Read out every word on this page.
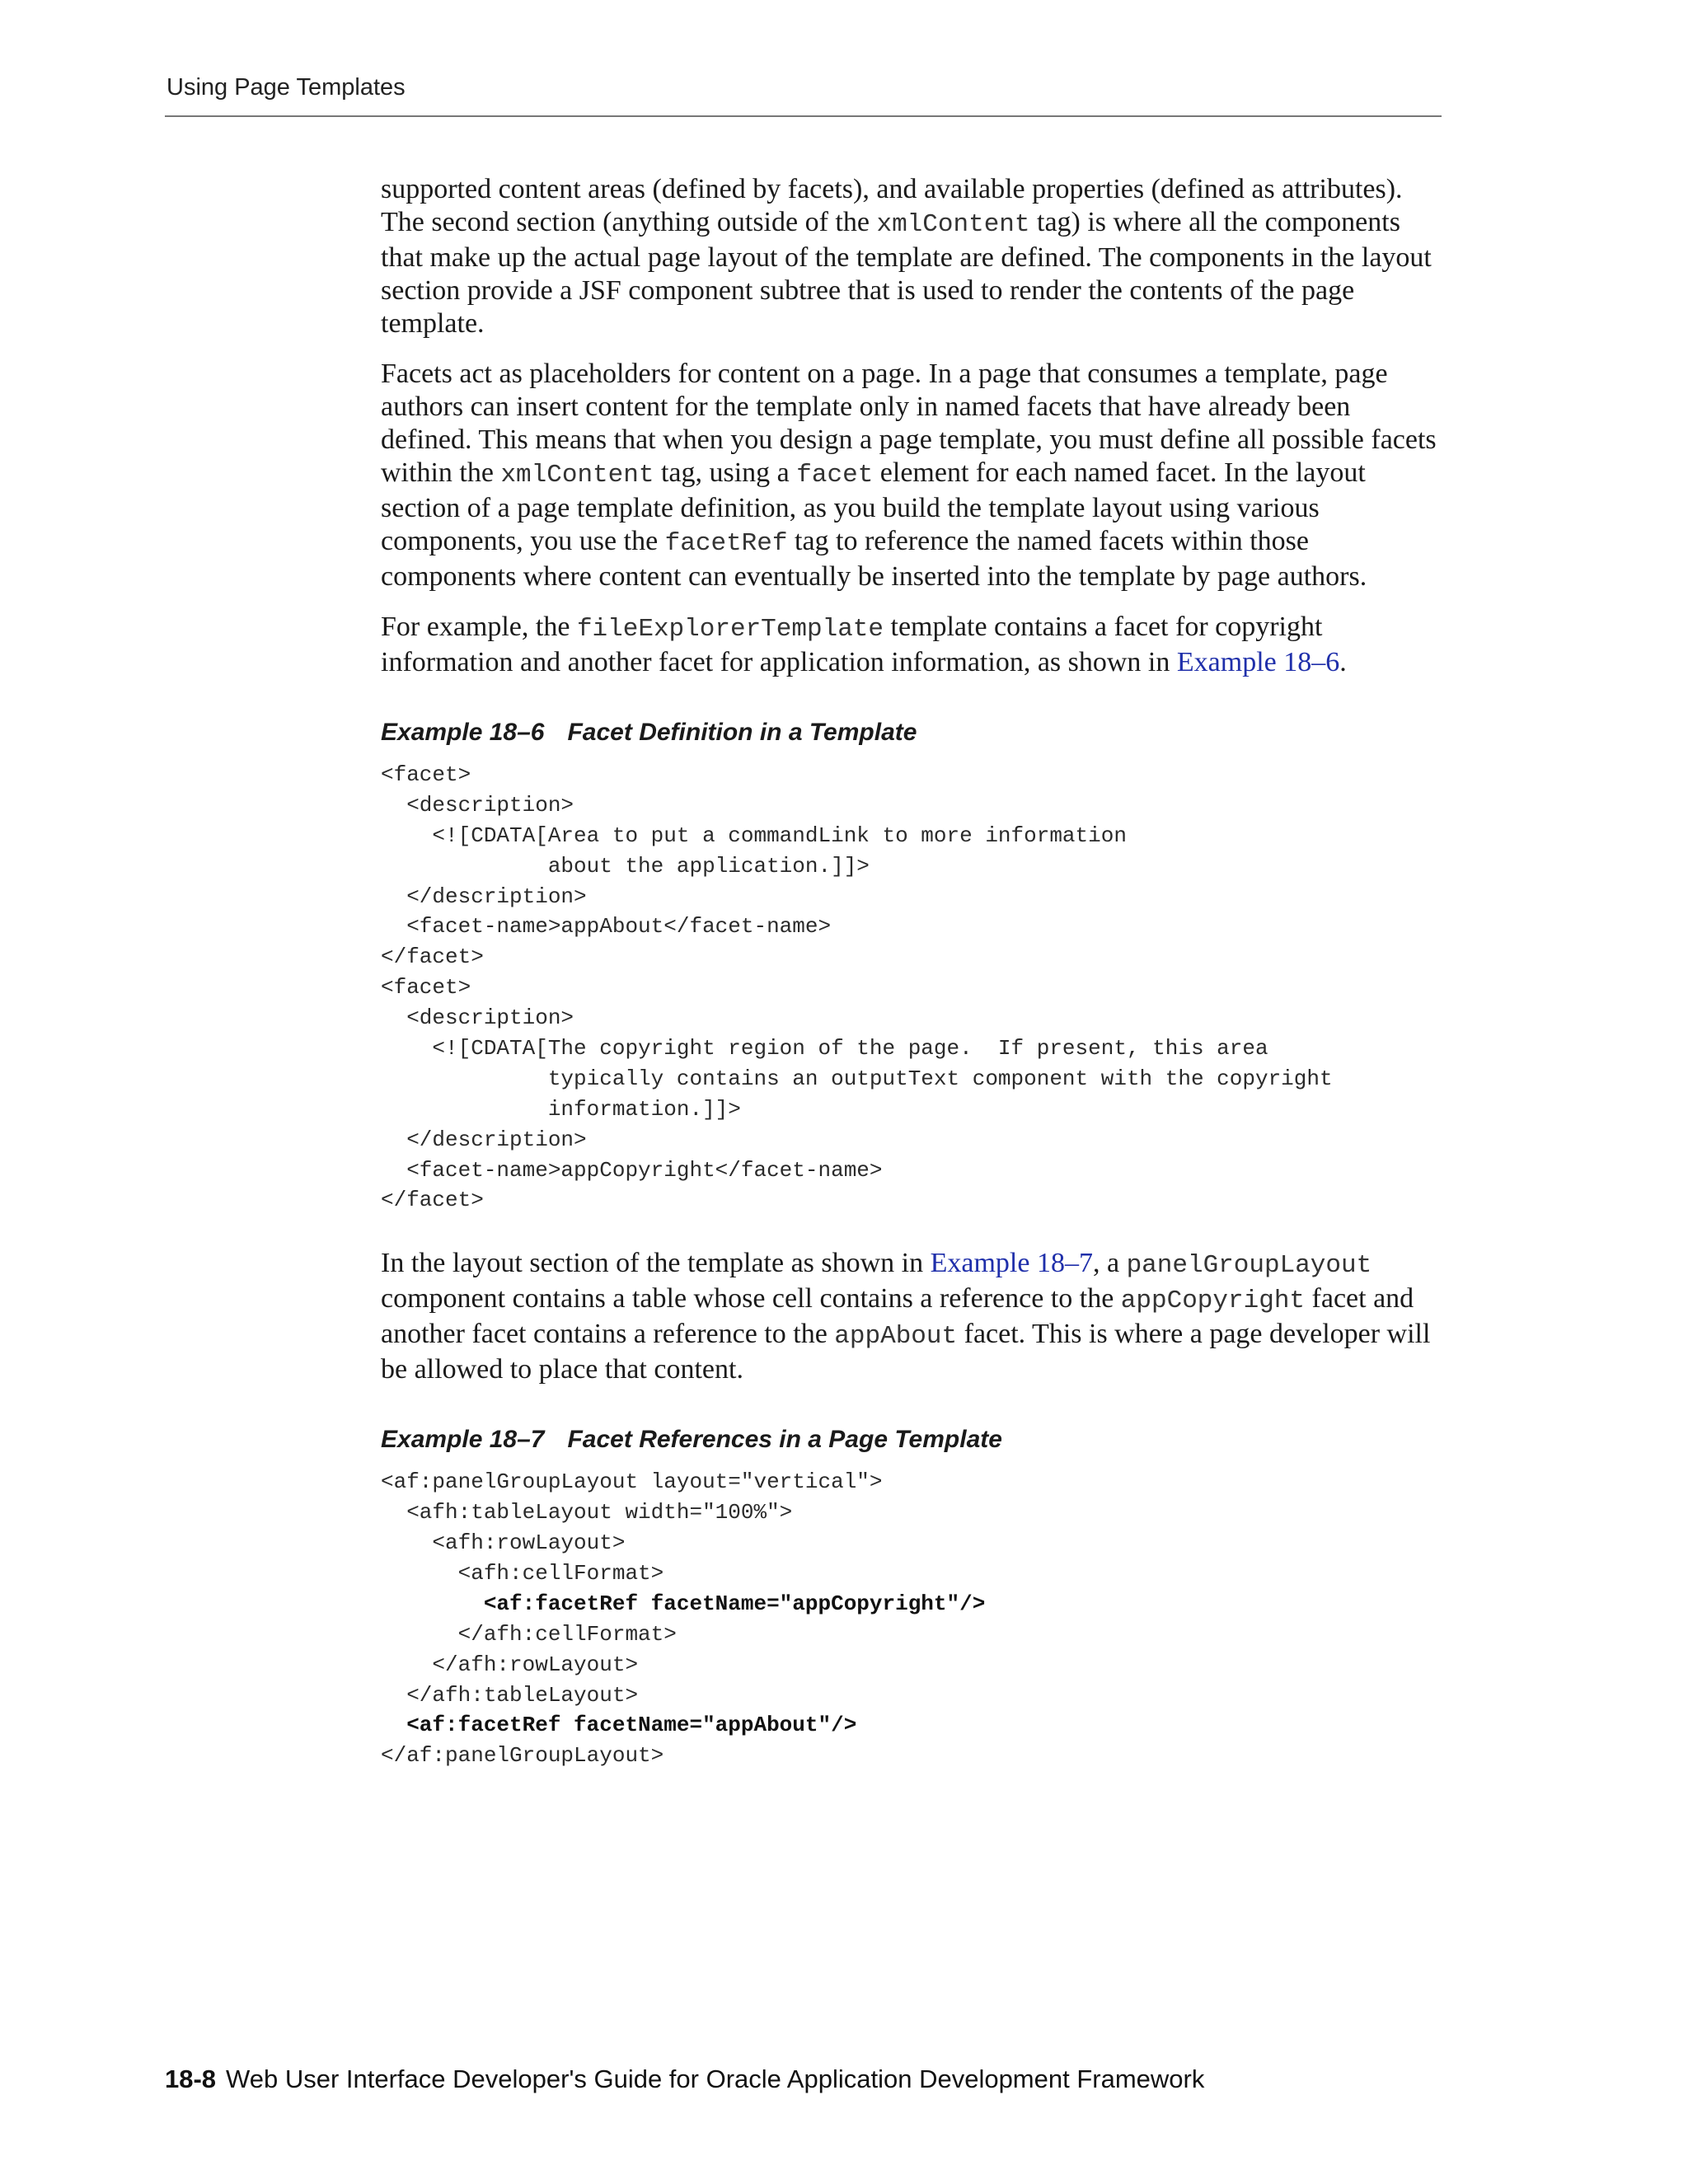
Using Page Templates

supported content areas (defined by facets), and available properties (defined as attributes). The second section (anything outside of the xmlContent tag) is where all the components that make up the actual page layout of the template are defined. The components in the layout section provide a JSF component subtree that is used to render the contents of the page template.

Facets act as placeholders for content on a page. In a page that consumes a template, page authors can insert content for the template only in named facets that have already been defined. This means that when you design a page template, you must define all possible facets within the xmlContent tag, using a facet element for each named facet. In the layout section of a page template definition, as you build the template layout using various components, you use the facetRef tag to reference the named facets within those components where content can eventually be inserted into the template by page authors.

For example, the fileExplorerTemplate template contains a facet for copyright information and another facet for application information, as shown in Example 18–6.

Example 18–6 Facet Definition in a Template
<facet>
<description>
<![CDATA[Area to put a commandLink to more information
about the application.]]>
</description>
<facet-name>appAbout</facet-name>
</facet>
<facet>
<description>
<![CDATA[The copyright region of the page.  If present, this area
typically contains an outputText component with the copyright
information.]]>
</description>
<facet-name>appCopyright</facet-name>
</facet>

In the layout section of the template as shown in Example 18–7, a panelGroupLayout component contains a table whose cell contains a reference to the appCopyright facet and another facet contains a reference to the appAbout facet. This is where a page developer will be allowed to place that content.

Example 18–7 Facet References in a Page Template
<af:panelGroupLayout layout="vertical">
<afh:tableLayout width="100%">
<afh:rowLayout>
<afh:cellFormat>
<af:facetRef facetName="appCopyright"/>
</afh:cellFormat>
</afh:rowLayout>
</afh:tableLayout>
<af:facetRef facetName="appAbout"/>
</af:panelGroupLayout>
18-8 Web User Interface Developer's Guide for Oracle Application Development Framework
